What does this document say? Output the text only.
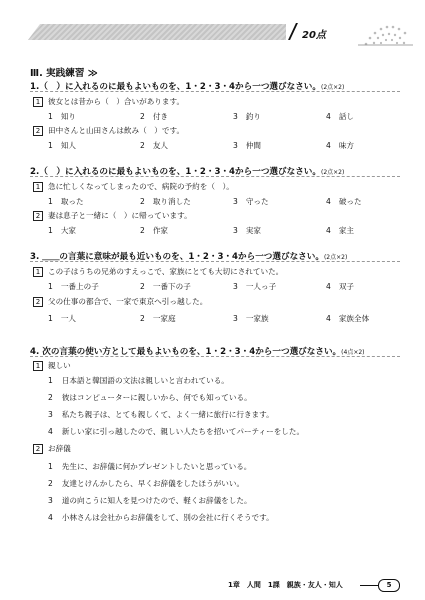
20点
Ⅲ. 実践練習 ≫
1.（　）に入れるのに最もよいものを、1・2・3・4から一つ選びなさい。(2点×2)
1 彼女とは昔から（　）合いがあります。
1 知り	2 付き	3 釣り	4 話し
2 田中さんと山田さんは飲み（　）です。
1 知人	2 友人	3 仲間	4 味方
2.（　）に入れるのに最もよいものを、1・2・3・4から一つ選びなさい。(2点×2)
1 急に忙しくなってしまったので、病院の予約を（　）。
1 取った	2 取り消した	3 守った	4 破った
2 妻は息子と一緒に（　）に帰っています。
1 大家	2 作家	3 実家	4 家主
3. ＿＿の言葉に意味が最も近いものを、1・2・3・4から一つ選びなさい。(2点×2)
1 この子はうちの兄弟のすえっこで、家族にとても大切にされていた。
1 一番上の子	2 一番下の子	3 一人っ子	4 双子
2 父の仕事の都合で、一家で東京へ引っ越した。
1 一人	2 一家庭	3 一家族	4 家族全体
4. 次の言葉の使い方として最もよいものを、1・2・3・4から一つ選びなさい。(4点×2)
1 親しい
1 日本語と韓国語の文法は親しいと言われている。
2 彼はコンピューターに親しいから、何でも知っている。
3 私たち親子は、とても親しくて、よく一緒に旅行に行きます。
4 新しい家に引っ越したので、親しい人たちを招いてパーティーをした。
2 お辞儀
1 先生に、お辞儀に何かプレゼントしたいと思っている。
2 友達とけんかしたら、早くお辞儀をしたほうがいい。
3 道の向こうに知人を見つけたので、軽くお辞儀をした。
4 小林さんは会社からお辞儀をして、別の会社に行くそうです。
1章　人間　1課　親族・友人・知人	5
